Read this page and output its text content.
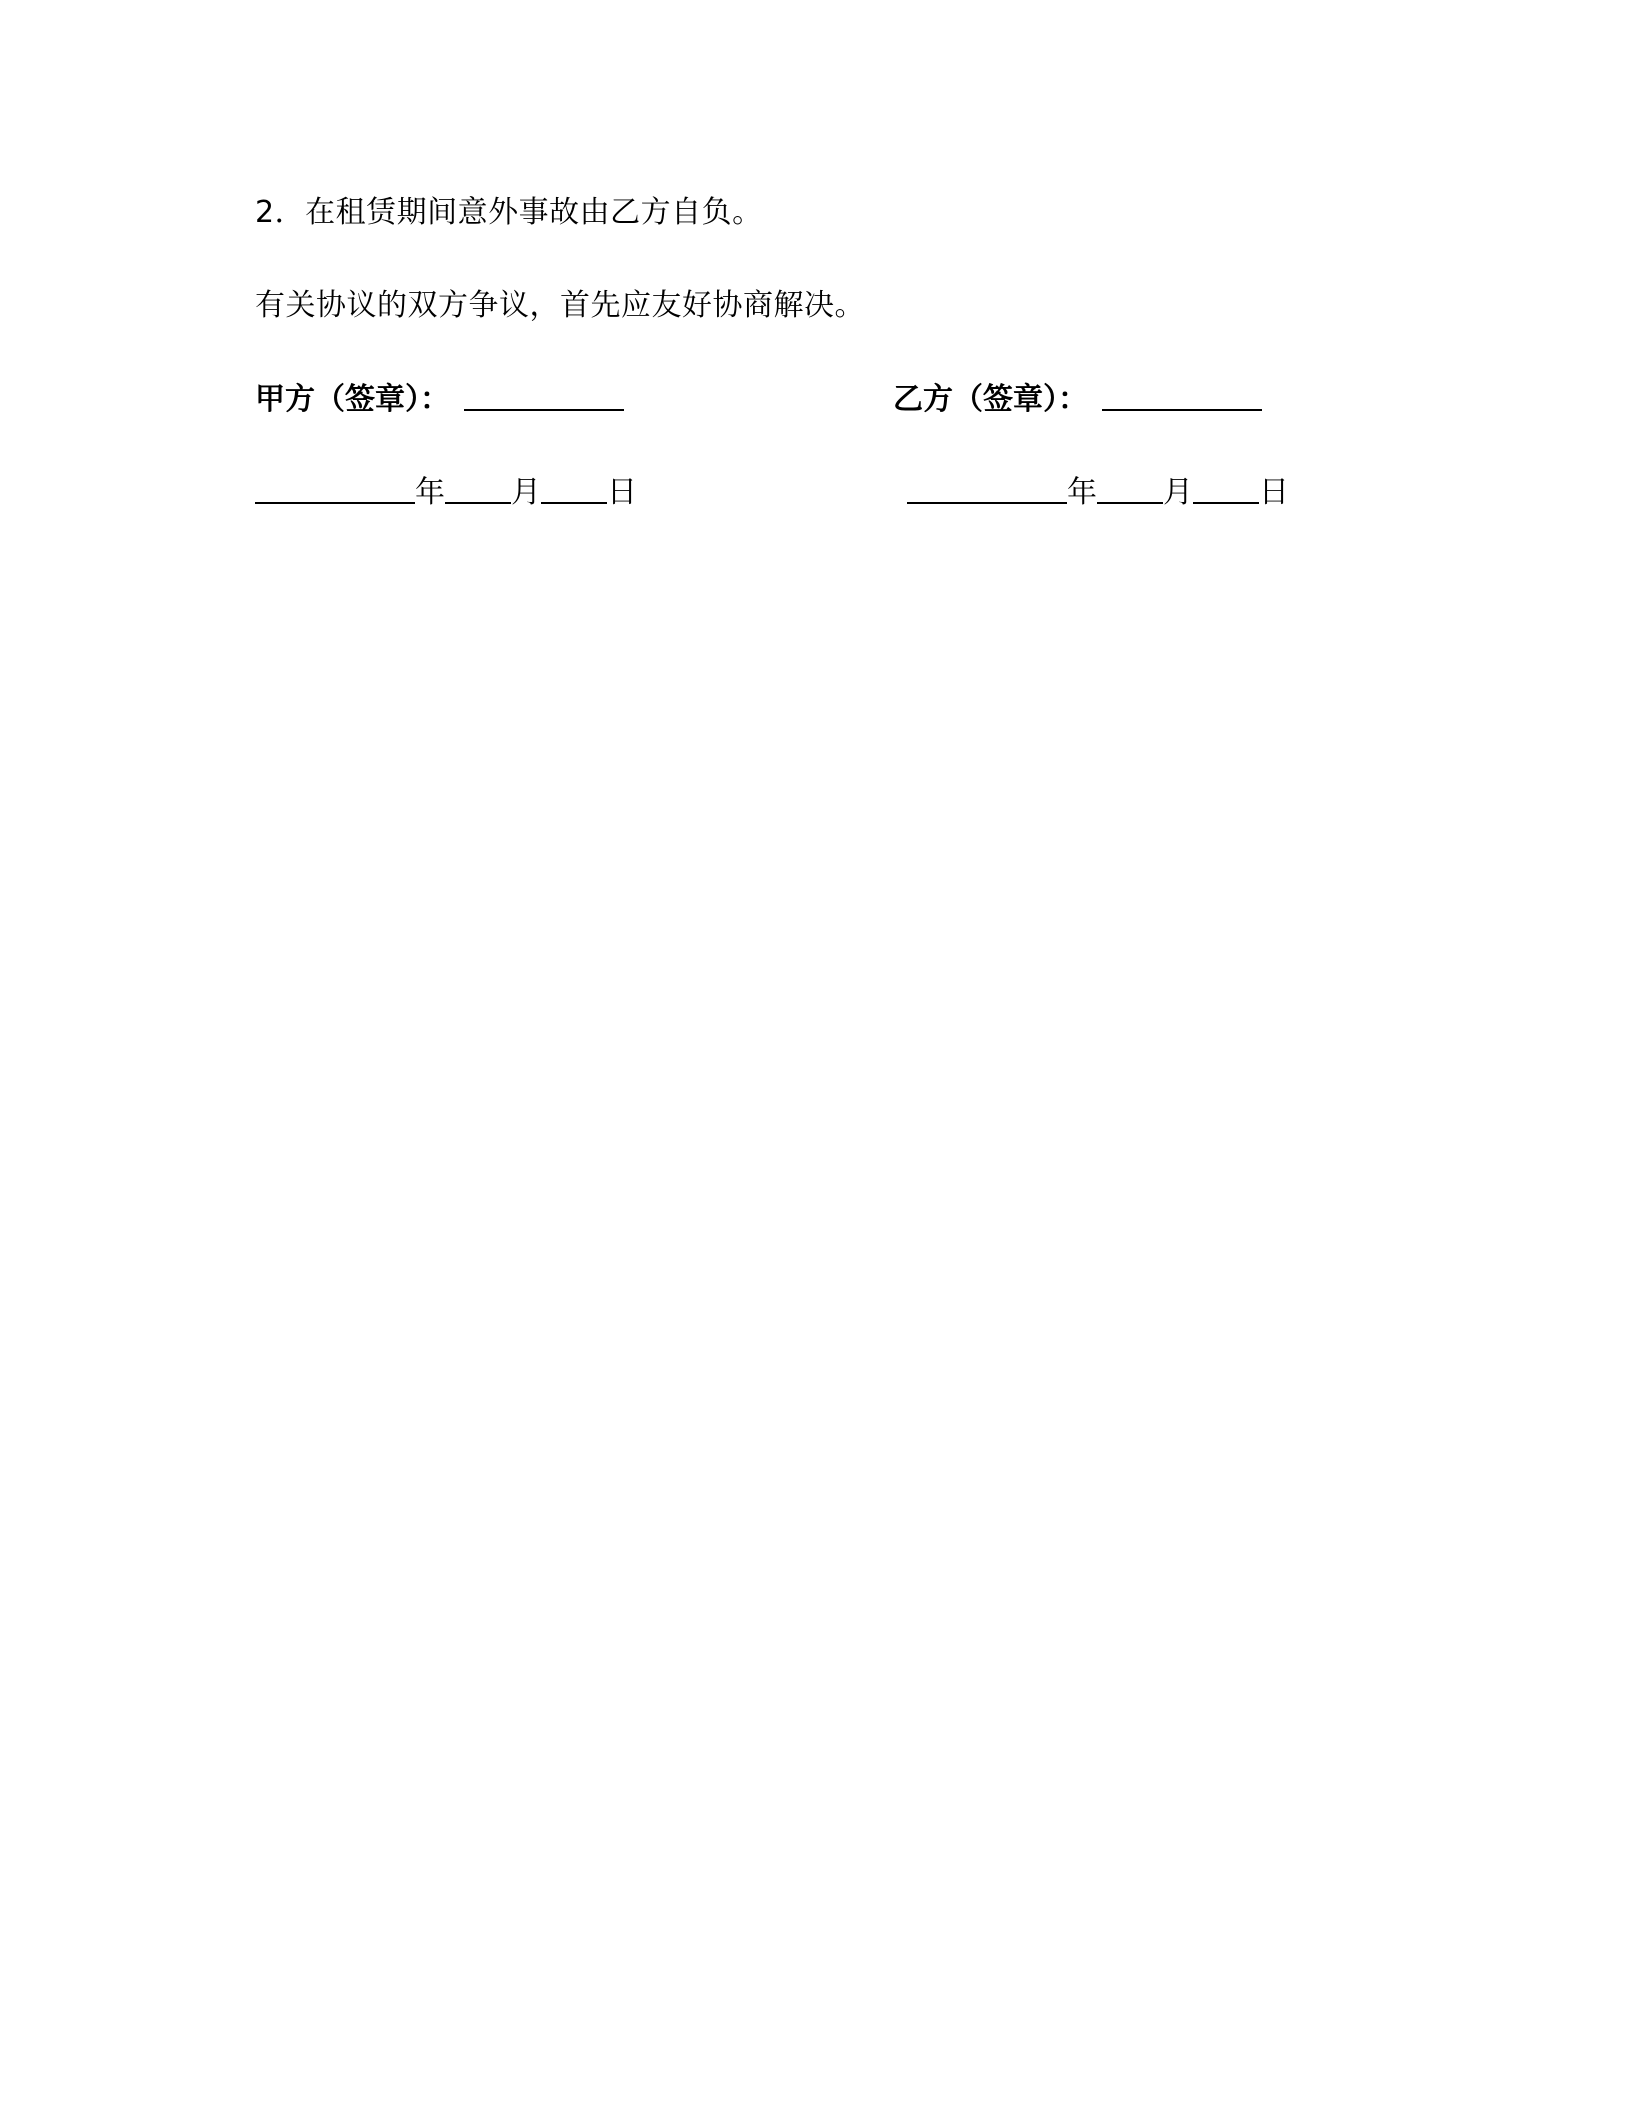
2．在租赁期间意外事故由乙方自负。
有关协议的双方争议，首先应友好协商解决。
甲方（签章）：	乙方（签章）：
年 月 日	年 月 日
